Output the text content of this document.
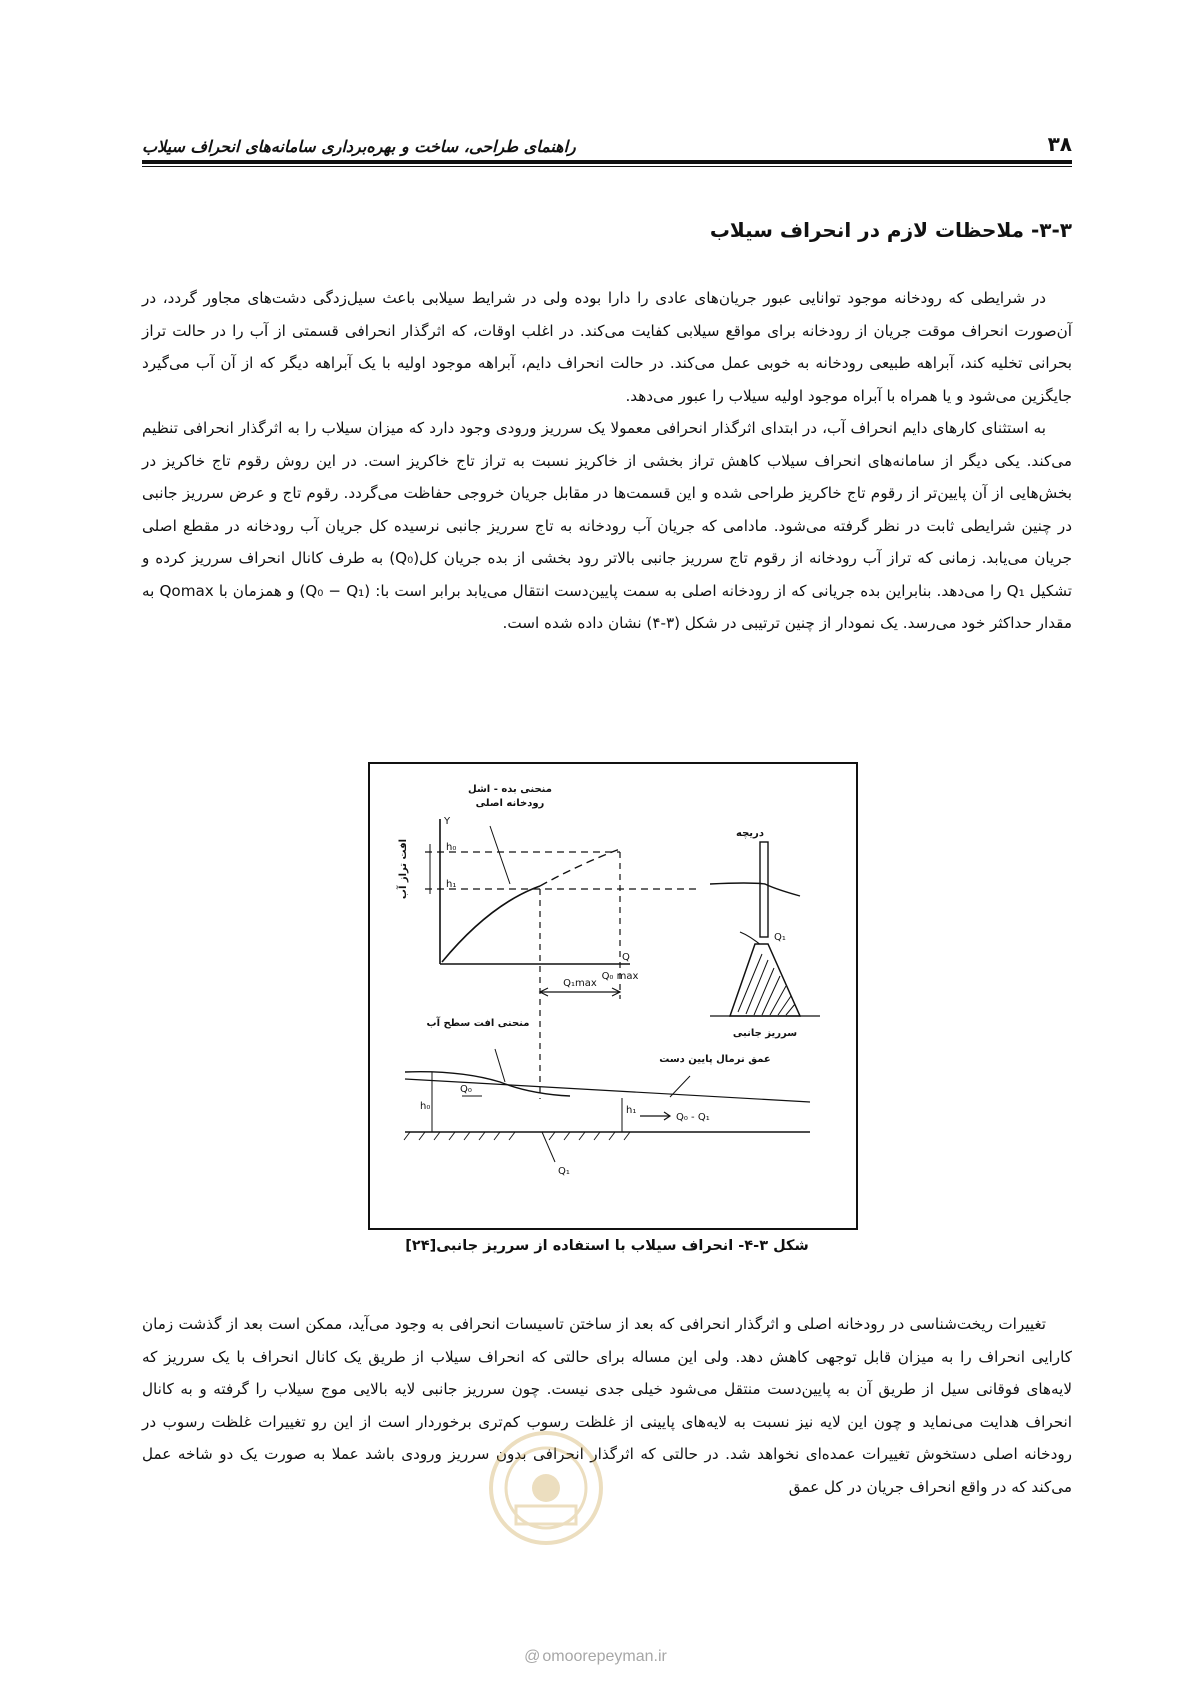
۳۸
راهنمای طراحی، ساخت و بهره‌برداری سامانه‌های انحراف سیلاب
۳-۳- ملاحظات لازم در انحراف سیلاب

در شرایطی که رودخانه موجود توانایی عبور جریان‌های عادی را دارا بوده ولی در شرایط سیلابی باعث سیل‌زدگی دشت‌های مجاور گردد، در آن‌صورت انحراف موقت جریان از رودخانه برای مواقع سیلابی کفایت می‌کند. در اغلب اوقات، که اثرگذار انحرافی قسمتی از آب را در حالت تراز بحرانی تخلیه کند، آبراهه طبیعی رودخانه به خوبی عمل می‌کند. در حالت انحراف دایم، آبراهه موجود اولیه با یک آبراهه دیگر که از آن آب می‌گیرد جایگزین می‌شود و یا همراه با آبراه موجود اولیه سیلاب را عبور می‌دهد.

به استثنای کارهای دایم انحراف آب، در ابتدای اثرگذار انحرافی معمولا یک سرریز ورودی وجود دارد که میزان سیلاب را به اثرگذار انحرافی تنظیم می‌کند. یکی دیگر از سامانه‌های انحراف سیلاب کاهش تراز بخشی از خاکریز نسبت به تراز تاج خاکریز است. در این روش رقوم تاج خاکریز در بخش‌هایی از آن پایین‌تر از رقوم تاج خاکریز طراحی شده و این قسمت‌ها در مقابل جریان خروجی حفاظت می‌گردد. رقوم تاج و عرض سرریز جانبی در چنین شرایطی ثابت در نظر گرفته می‌شود. مادامی که جریان آب رودخانه به تاج سرریز جانبی نرسیده کل جریان آب رودخانه در مقطع اصلی جریان می‌یابد. زمانی که تراز آب رودخانه از رقوم تاج سرریز جانبی بالاتر رود بخشی از بده جریان کل(Q₀) به طرف کانال انحراف سرریز کرده و تشکیل Q₁ را می‌دهد. بنابراین بده جریانی که از رودخانه اصلی به سمت پایین‌دست انتقال می‌یابد برابر است با: (Q₀ − Q₁) و همزمان با Qomax به مقدار حداکثر خود می‌رسد. یک نمودار از چنین ترتیبی در شکل (۳-۴) نشان داده شده است.

منحنی بده - اشل
رودخانه اصلی
Y
افت تراز آب	h₀
h₁
Q
Q₀ max
دریچه
Q₁
سرریز جانبی
Q₁max
منحنی افت سطح آب
عمق نرمال پایین دست
h₀
Q₀
h₁
Q₀ - Q₁
Q₁
شکل ۳-۴- انحراف سیلاب با استفاده از سرریز جانبی[۲۴]

تغییرات ریخت‌شناسی در رودخانه اصلی و اثرگذار انحرافی که بعد از ساختن تاسیسات انحرافی به وجود می‌آید، ممکن است بعد از گذشت زمان کارایی انحراف را به میزان قابل توجهی کاهش دهد. ولی این مساله برای حالتی که انحراف سیلاب از طریق یک کانال انحراف با یک سرریز که لایه‌های فوقانی سیل از طریق آن به پایین‌دست منتقل می‌شود خیلی جدی نیست. چون سرریز جانبی لایه بالایی موج سیلاب را گرفته و به کانال انحراف هدایت می‌نماید و چون این لایه نیز نسبت به لایه‌های پایینی از غلظت رسوب کم‌تری برخوردار است از این رو تغییرات غلظت رسوب در رودخانه اصلی دستخوش تغییرات عمده‌ای نخواهد شد. در حالتی که اثرگذار انحرافی بدون سرریز ورودی باشد عملا به صورت یک دو شاخه عمل می‌کند که در واقع انحراف جریان در کل عمق

@ omoorepeyman.ir
